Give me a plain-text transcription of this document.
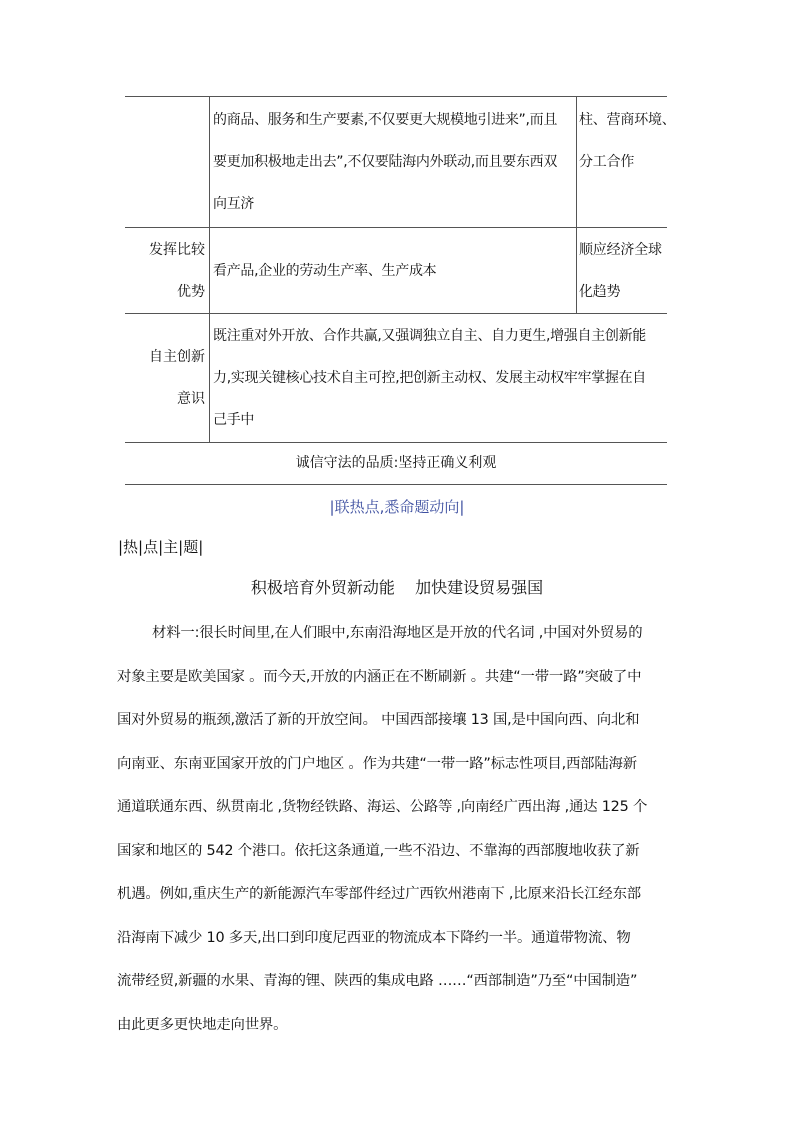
	的商品、服务和生产要素,不仅要更大规模地引进来”,而且
要更加积极地走出去”,不仅要陆海内外联动,而且要东西双
向互济	柱、营商环境、
分工合作

发挥比较
优势	看产品,企业的劳动生产率、生产成本	顺应经济全球
化趋势

自主创新
意识	既注重对外开放、合作共赢,又强调独立自主、自力更生,增强自主创新能
力,实现关键核心技术自主可控,把创新主动权、发展主动权牢牢掌握在自
己手中	
诚信守法的品质:坚持正确义利观
|联热点,悉命题动向|
|热|点|主|题|
积极培育外贸新动能    加快建设贸易强国
材料一:很长时间里,在人们眼中,东南沿海地区是开放的代名词 ,中国对外贸易的
对象主要是欧美国家 。而今天,开放的内涵正在不断刷新 。共建“一带一路”突破了中
国对外贸易的瓶颈,激活了新的开放空间。 中国西部接壤 13 国,是中国向西、向北和
向南亚、东南亚国家开放的门户地区 。作为共建“一带一路”标志性项目,西部陆海新
通道联通东西、纵贯南北 ,货物经铁路、海运、公路等 ,向南经广西出海 ,通达 125 个
国家和地区的 542 个港口。依托这条通道,一些不沿边、不靠海的西部腹地收获了新
机遇。例如,重庆生产的新能源汽车零部件经过广西钦州港南下 ,比原来沿长江经东部
沿海南下减少 10 多天,出口到印度尼西亚的物流成本下降约一半。通道带物流、物
流带经贸,新疆的水果、青海的锂、陕西的集成电路 ……“西部制造”乃至“中国制造”
由此更多更快地走向世界。
